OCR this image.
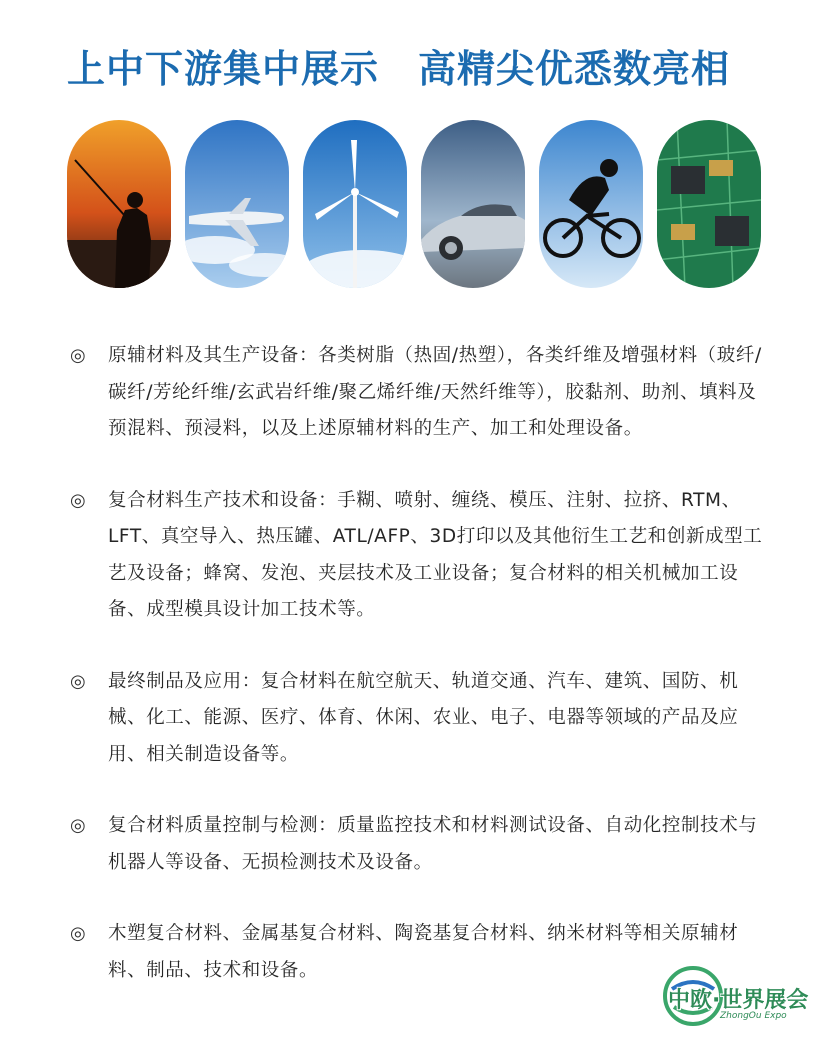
上中下游集中展示　高精尖优悉数亮相
◎ 原辅材料及其生产设备：各类树脂（热固/热塑），各类纤维及增强材料（玻纤/碳纤/芳纶纤维/玄武岩纤维/聚乙烯纤维/天然纤维等），胶黏剂、助剂、填料及预混料、预浸料，以及上述原辅材料的生产、加工和处理设备。
◎ 复合材料生产技术和设备：手糊、喷射、缠绕、模压、注射、拉挤、RTM、LFT、真空导入、热压罐、ATL/AFP、3D打印以及其他衍生工艺和创新成型工艺及设备；蜂窝、发泡、夹层技术及工业设备；复合材料的相关机械加工设备、成型模具设计加工技术等。
◎ 最终制品及应用：复合材料在航空航天、轨道交通、汽车、建筑、国防、机械、化工、能源、医疗、体育、休闲、农业、电子、电器等领域的产品及应用、相关制造设备等。
◎ 复合材料质量控制与检测：质量监控技术和材料测试设备、自动化控制技术与机器人等设备、无损检测技术及设备。
◎ 木塑复合材料、金属基复合材料、陶瓷基复合材料、纳米材料等相关原辅材料、制品、技术和设备。
中欧·世界展会
ZhongOu Expo
